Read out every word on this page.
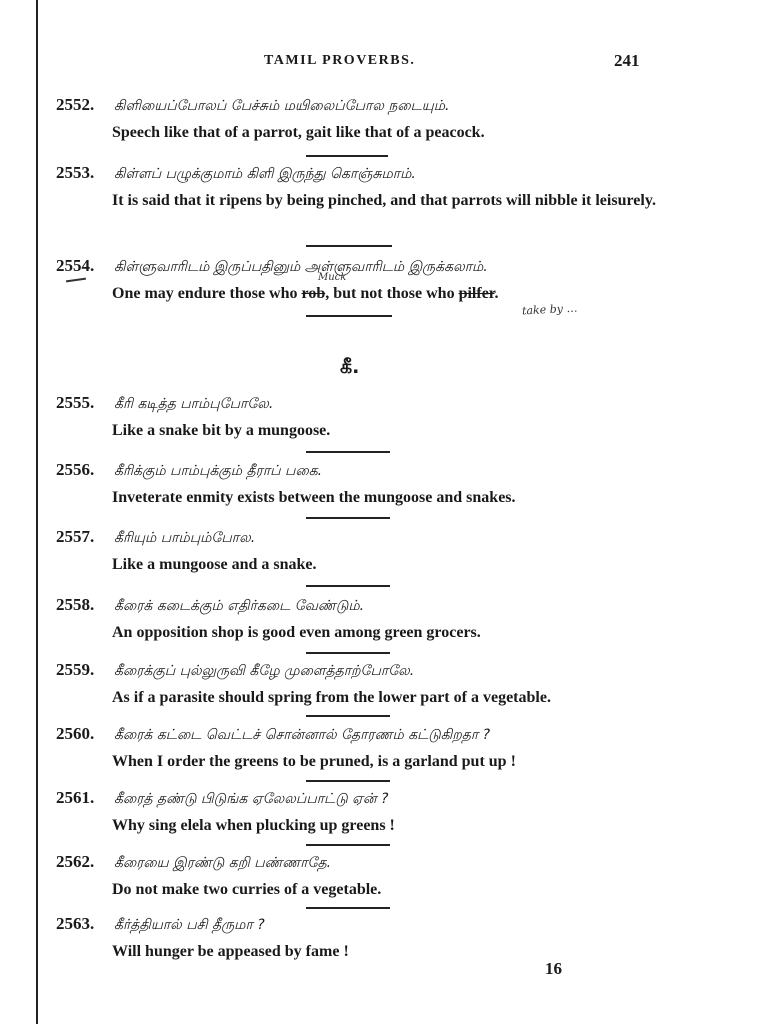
TAMIL PROVERBS.	241
2552. கிளியைப்போலப் பேச்சும் மயிலைப்போல நடையும்.
Speech like that of a parrot, gait like that of a peacock.
2553. கிள்ளப் பழுக்குமாம் கிளி இருந்து கொஞ்சுமாம்.
It is said that it ripens by being pinched, and that parrots will nibble it leisurely.
2554. கிள்ளுவாரிடம் இருப்பதினும் அள்ளுவாரிடம் இருக்கலாம்.
One may endure those who rob, but not those who pilfer.
Muck
take by …
கீ.
2555. கீரி கடித்த பாம்புபோலே.
Like a snake bit by a mungoose.
2556. கீரிக்கும் பாம்புக்கும் தீராப் பகை.
Inveterate enmity exists between the mungoose and snakes.
2557. கீரியும் பாம்பும்போல.
Like a mungoose and a snake.
2558. கீரைக் கடைக்கும் எதிர்கடை வேண்டும்.
An opposition shop is good even among green grocers.
2559. கீரைக்குப் புல்லுருவி கீழே முளைத்தாற்போலே.
As if a parasite should spring from the lower part of a vegetable.
2560. கீரைக் கட்டை வெட்டச் சொன்னால் தோரணம் கட்டுகிறதா ?
When I order the greens to be pruned, is a garland put up !
2561. கீரைத் தண்டு பிடுங்க ஏலேலப்பாட்டு ஏன் ?
Why sing elela when plucking up greens !
2562. கீரையை இரண்டு கறி பண்ணாதே.
Do not make two curries of a vegetable.
2563. கீர்த்தியால் பசி தீருமா ?
Will hunger be appeased by fame !
16
